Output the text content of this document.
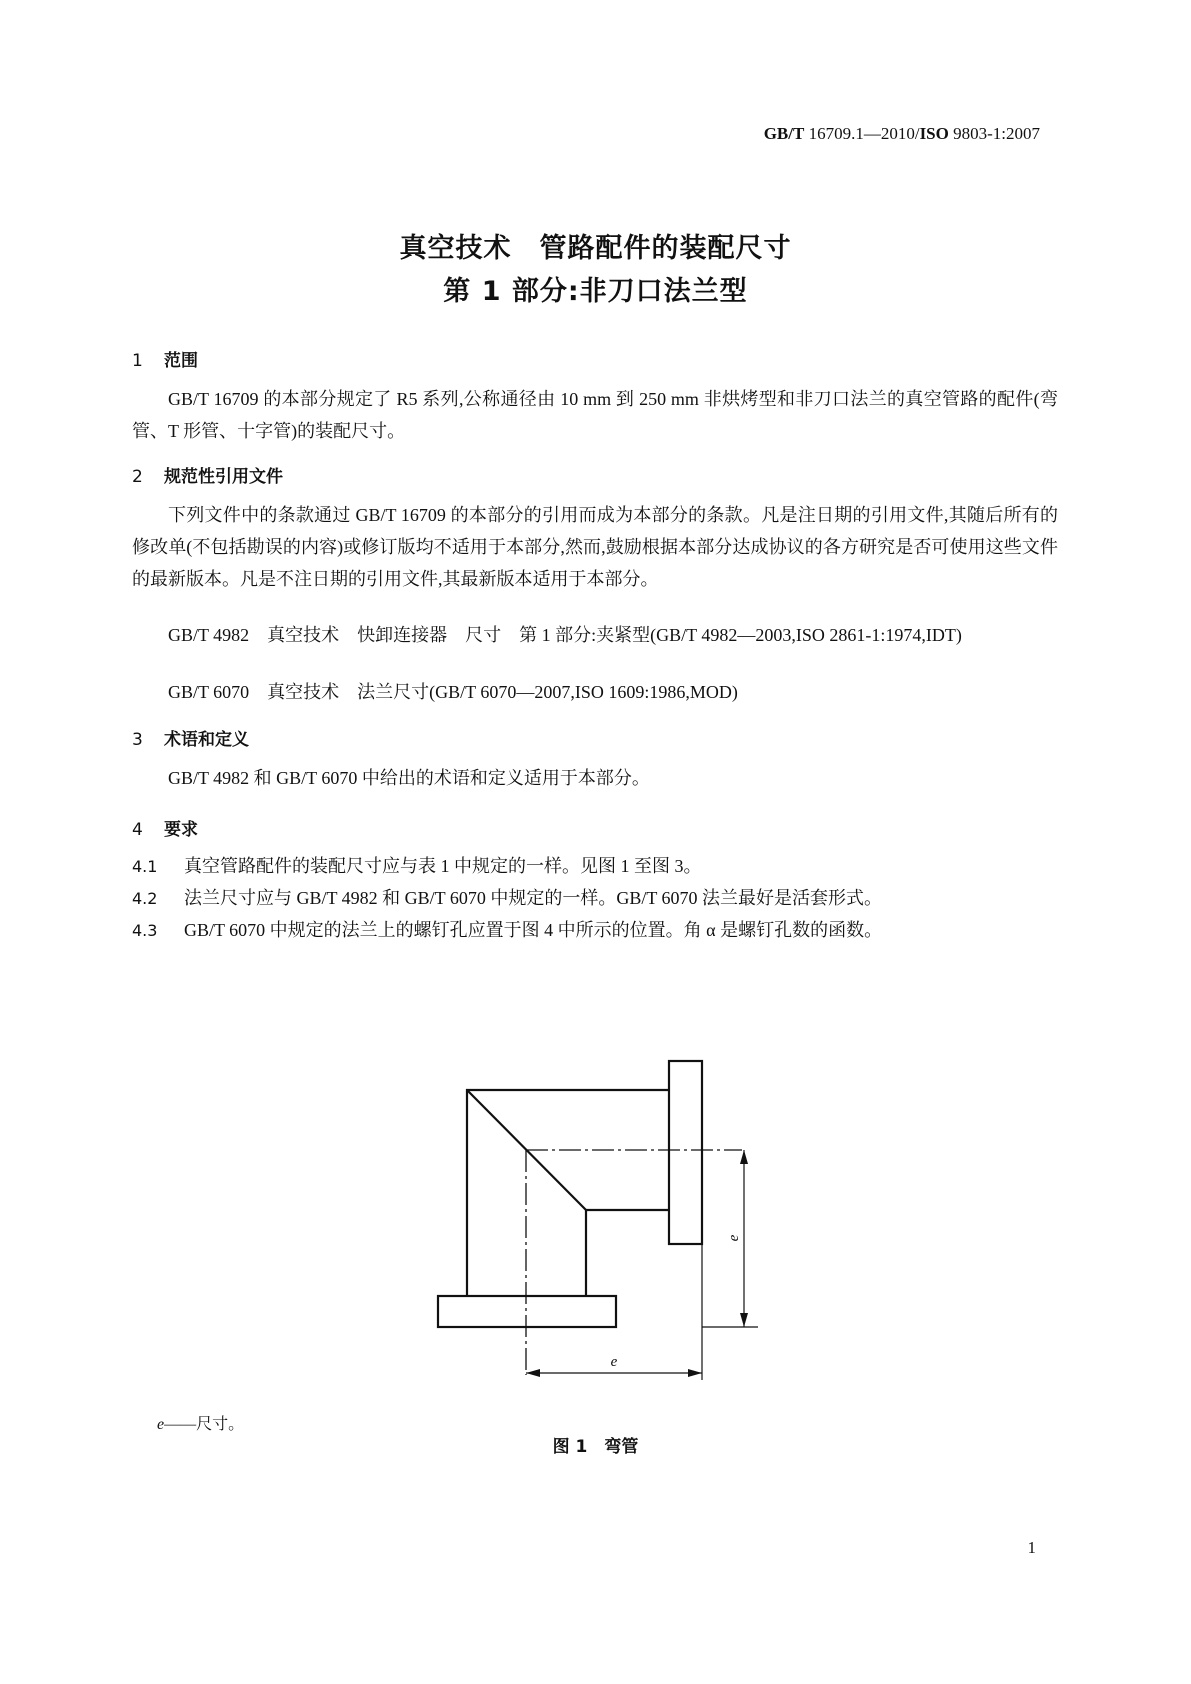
GB/T 16709.1—2010/ISO 9803-1:2007
真空技术　管路配件的装配尺寸
第 1 部分:非刀口法兰型
1 范围
GB/T 16709 的本部分规定了 R5 系列,公称通径由 10 mm 到 250 mm 非烘烤型和非刀口法兰的真空管路的配件(弯管、T 形管、十字管)的装配尺寸。
2 规范性引用文件
下列文件中的条款通过 GB/T 16709 的本部分的引用而成为本部分的条款。凡是注日期的引用文件,其随后所有的修改单(不包括勘误的内容)或修订版均不适用于本部分,然而,鼓励根据本部分达成协议的各方研究是否可使用这些文件的最新版本。凡是不注日期的引用文件,其最新版本适用于本部分。
GB/T 4982　真空技术　快卸连接器　尺寸　第 1 部分:夹紧型(GB/T 4982—2003,ISO 2861-1:1974,IDT)
GB/T 6070　真空技术　法兰尺寸(GB/T 6070—2007,ISO 1609:1986,MOD)
3 术语和定义
GB/T 4982 和 GB/T 6070 中给出的术语和定义适用于本部分。
4 要求
4.1 真空管路配件的装配尺寸应与表 1 中规定的一样。见图 1 至图 3。
4.2 法兰尺寸应与 GB/T 4982 和 GB/T 6070 中规定的一样。GB/T 6070 法兰最好是活套形式。
4.3 GB/T 6070 中规定的法兰上的螺钉孔应置于图 4 中所示的位置。角 α 是螺钉孔数的函数。
e
e
e——尺寸。
图 1　弯管
1
